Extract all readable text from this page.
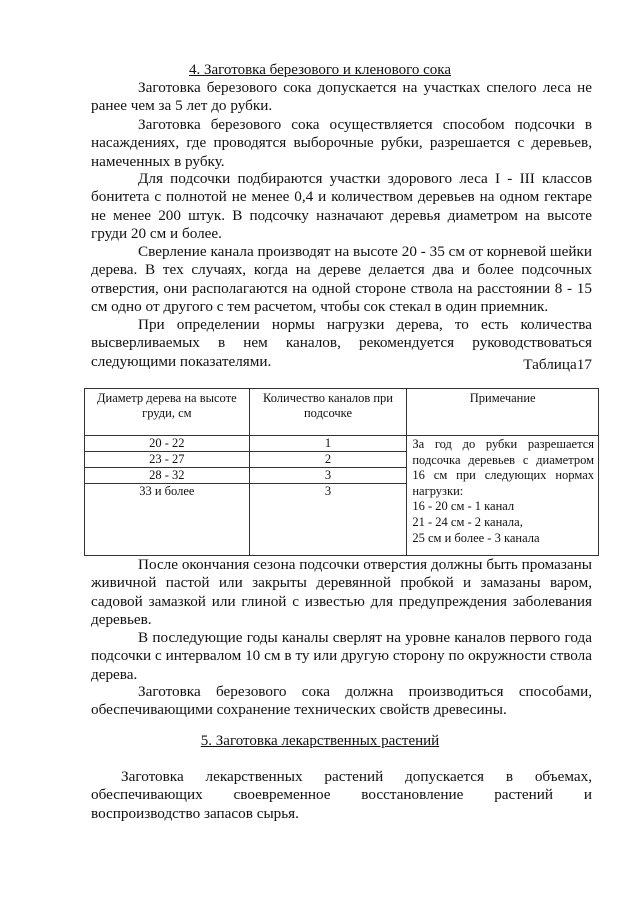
4. Заготовка березового и кленового сока

Заготовка березового сока допускается на участках спелого леса не ранее чем за 5 лет до рубки.

Заготовка березового сока осуществляется способом подсочки в насаждениях, где проводятся выборочные рубки, разрешается с деревьев, намеченных в рубку.

Для подсочки подбираются участки здорового леса I - III классов бонитета с полнотой не менее 0,4 и количеством деревьев на одном гектаре не менее 200 штук. В подсочку назначают деревья диаметром на высоте груди 20 см и более.

Сверление канала производят на высоте 20 - 35 см от корневой шейки дерева. В тех случаях, когда на дереве делается два и более подсочных отверстия, они располагаются на одной стороне ствола на расстоянии 8 - 15 см одно от другого с тем расчетом, чтобы сок стекал в один приемник.

При определении нормы нагрузки дерева, то есть количества высверливаемых в нем каналов, рекомендуется руководствоваться следующими показателями.	Таблица17
Диаметр дерева на высоте груди, см	Количество каналов при подсочке	Примечание
20 - 22	1	За год до рубки разрешается подсочка деревьев с диаметром 16 см при следующих нормах нагрузки:
16 - 20 см - 1 канал
21 - 24 см - 2 канала,
25 см и более - 3 канала

23 - 27	2	
28 - 32	3	
33 и более	3	

После окончания сезона подсочки отверстия должны быть промазаны живичной пастой или закрыты деревянной пробкой и замазаны варом, садовой замазкой или глиной с известью для предупреждения заболевания деревьев.

В последующие годы каналы сверлят на уровне каналов первого года подсочки с интервалом 10 см в ту или другую сторону по окружности ствола дерева.

Заготовка березового сока должна производиться способами, обеспечивающими сохранение технических свойств древесины.

5. Заготовка лекарственных растений

Заготовка лекарственных растений допускается в объемах, обеспечивающих своевременное восстановление растений и воспроизводство запасов сырья.
